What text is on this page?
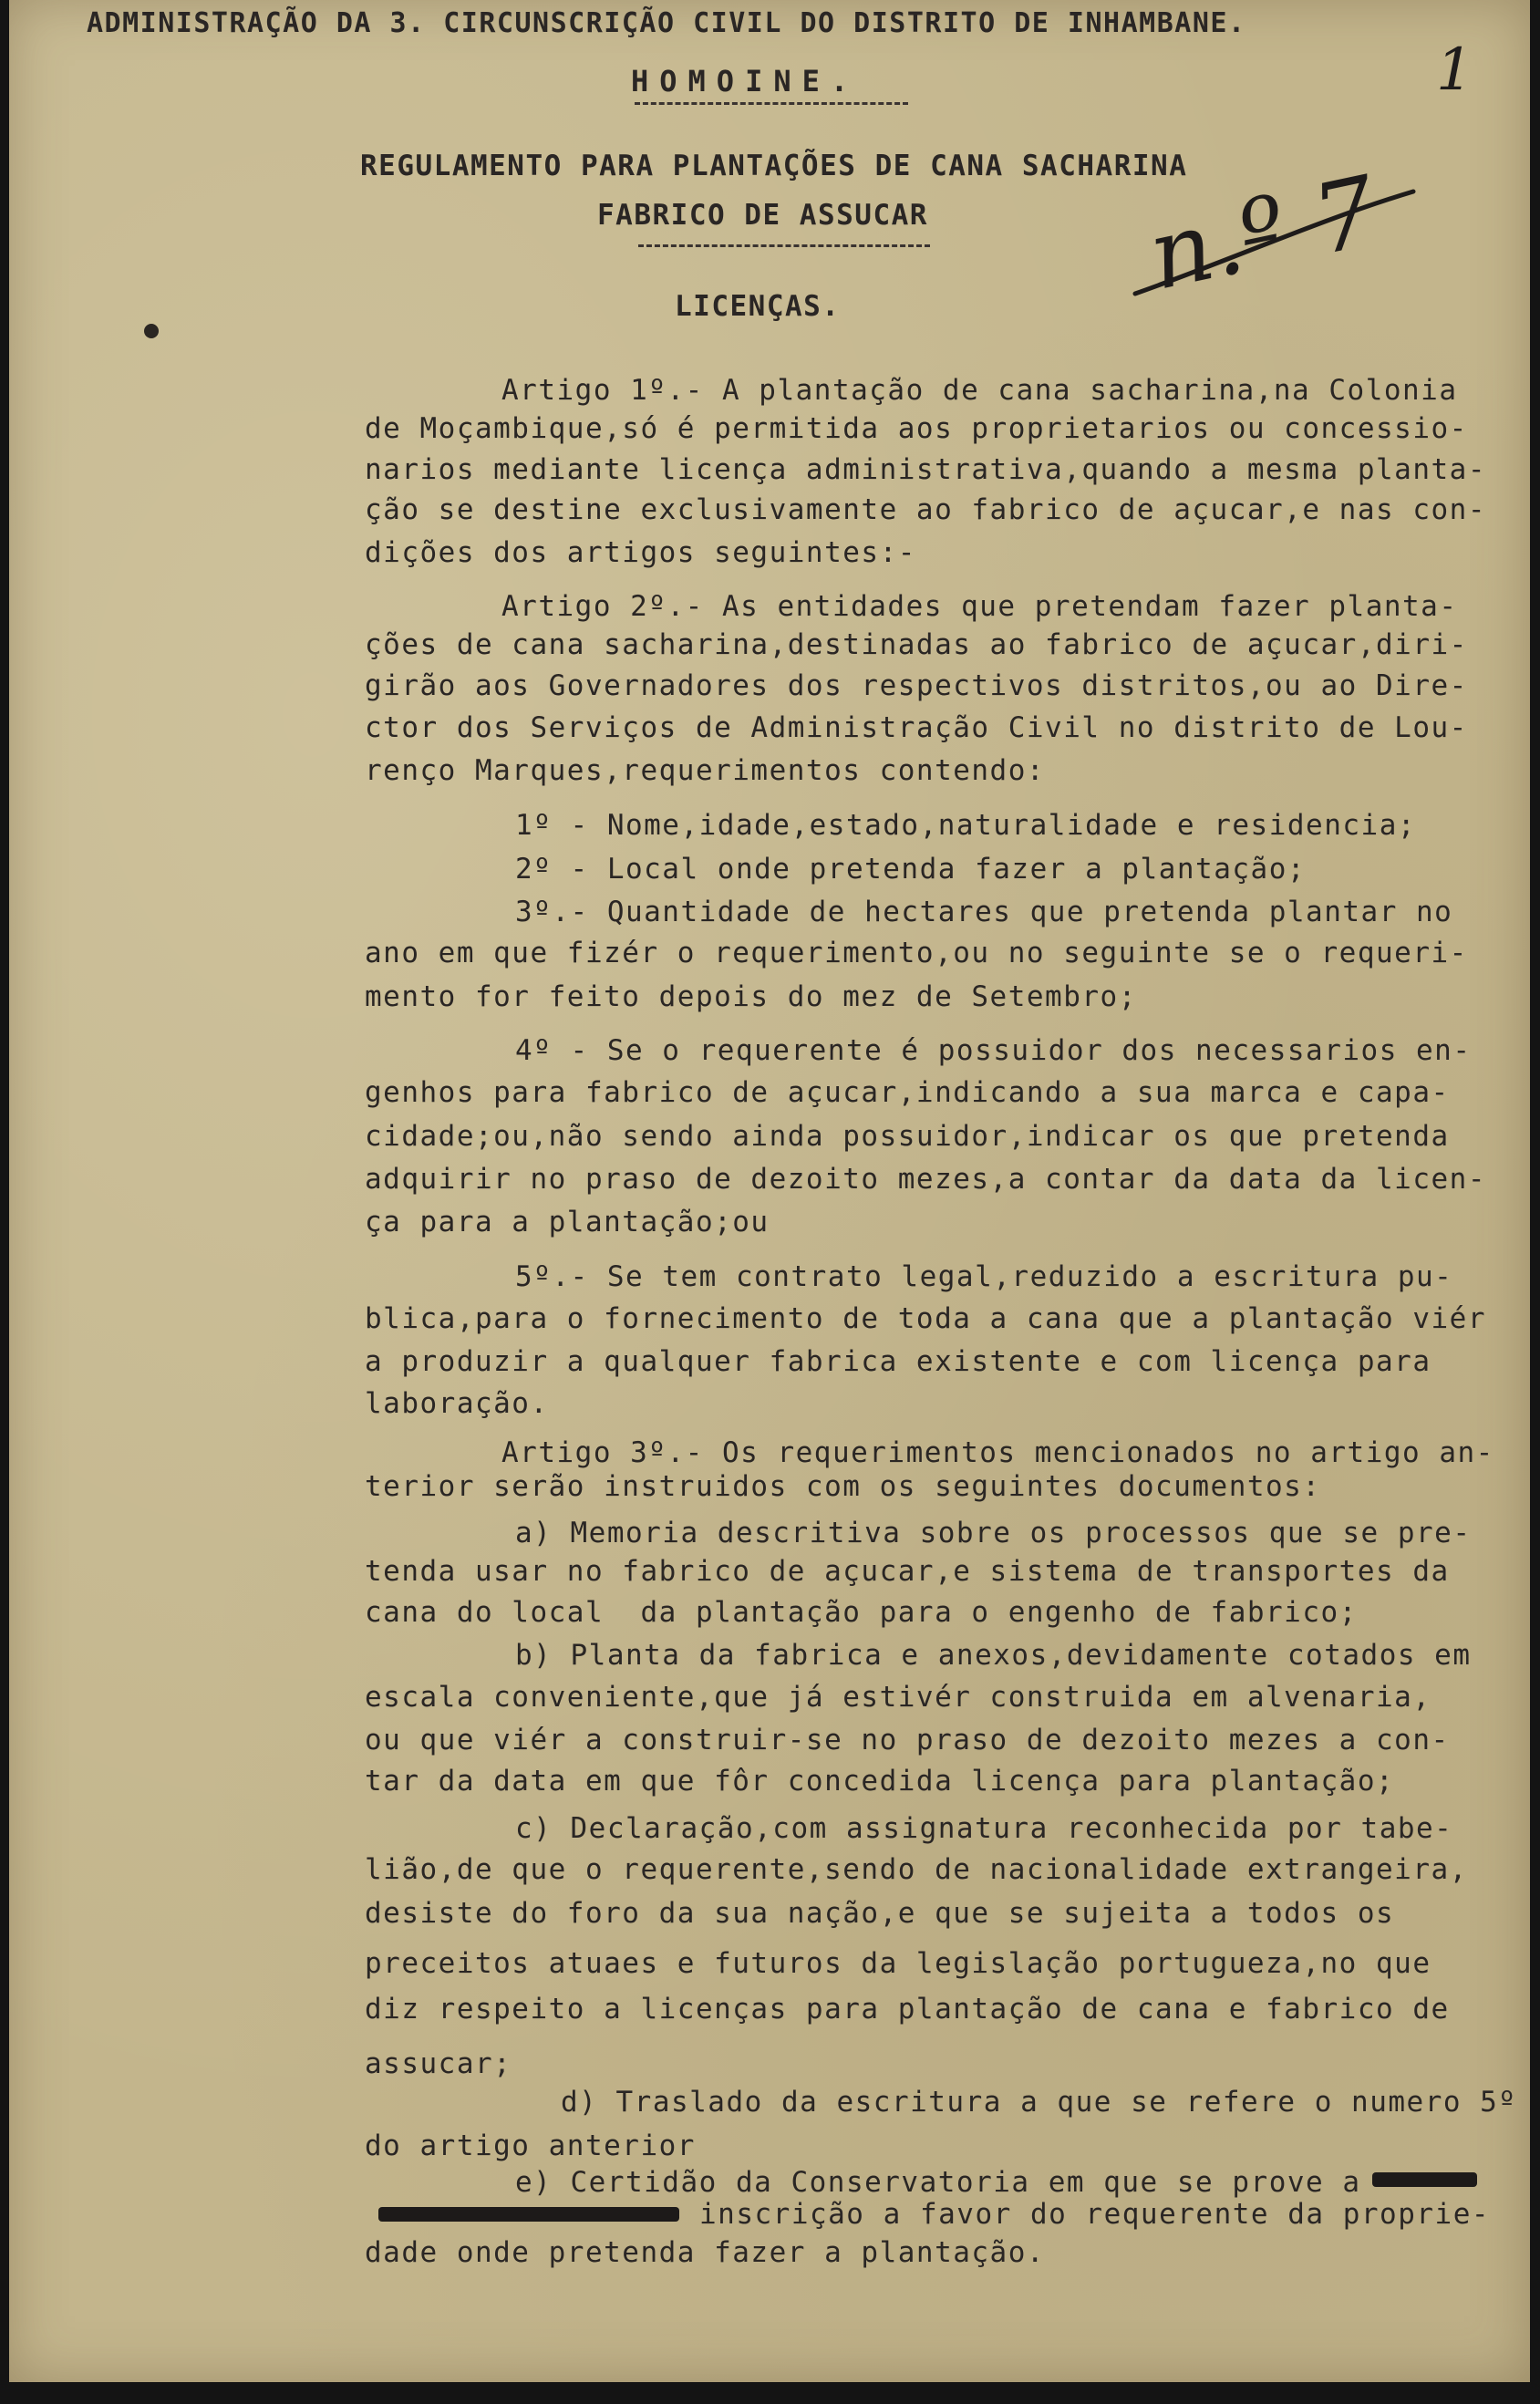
ADMINISTRAÇÃO DA 3. CIRCUNSCRIÇÃO CIVIL DO DISTRITO DE INHAMBANE.
HOMOINE.
REGULAMENTO PARA PLANTAÇÕES DE CANA SACHARINA
FABRICO DE ASSUCAR
LICENÇAS.
1
n.º 7
Artigo 1º.- A plantação de cana sacharina,na Colonia
de Moçambique,só é permitida aos proprietarios ou concessio-
narios mediante licença administrativa,quando a mesma planta-
ção se destine exclusivamente ao fabrico de açucar,e nas con-
dições dos artigos seguintes:-
Artigo 2º.- As entidades que pretendam fazer planta-
ções de cana sacharina,destinadas ao fabrico de açucar,diri-
girão aos Governadores dos respectivos distritos,ou ao Dire-
ctor dos Serviços de Administração Civil no distrito de Lou-
renço Marques,requerimentos contendo:
1º - Nome,idade,estado,naturalidade e residencia;
2º - Local onde pretenda fazer a plantação;
3º.- Quantidade de hectares que pretenda plantar no
ano em que fizér o requerimento,ou no seguinte se o requeri-
mento for feito depois do mez de Setembro;
4º - Se o requerente é possuidor dos necessarios en-
genhos para fabrico de açucar,indicando a sua marca e capa-
cidade;ou,não sendo ainda possuidor,indicar os que pretenda
adquirir no praso de dezoito mezes,a contar da data da licen-
ça para a plantação;ou
5º.- Se tem contrato legal,reduzido a escritura pu-
blica,para o fornecimento de toda a cana que a plantação viér
a produzir a qualquer fabrica existente e com licença para
laboração.
Artigo 3º.- Os requerimentos mencionados no artigo an-
terior serão instruidos com os seguintes documentos:
a) Memoria descritiva sobre os processos que se pre-
tenda usar no fabrico de açucar,e sistema de transportes da
cana do local  da plantação para o engenho de fabrico;
b) Planta da fabrica e anexos,devidamente cotados em
escala conveniente,que já estivér construida em alvenaria,
ou que viér a construir-se no praso de dezoito mezes a con-
tar da data em que fôr concedida licença para plantação;
c) Declaração,com assignatura reconhecida por tabe-
lião,de que o requerente,sendo de nacionalidade extrangeira,
desiste do foro da sua nação,e que se sujeita a todos os
preceitos atuaes e futuros da legislação portugueza,no que
diz respeito a licenças para plantação de cana e fabrico de
assucar;
d) Traslado da escritura a que se refere o numero 5º
do artigo anterior
e) Certidão da Conservatoria em que se prove a
inscrição a favor do requerente da proprie-
dade onde pretenda fazer a plantação.
